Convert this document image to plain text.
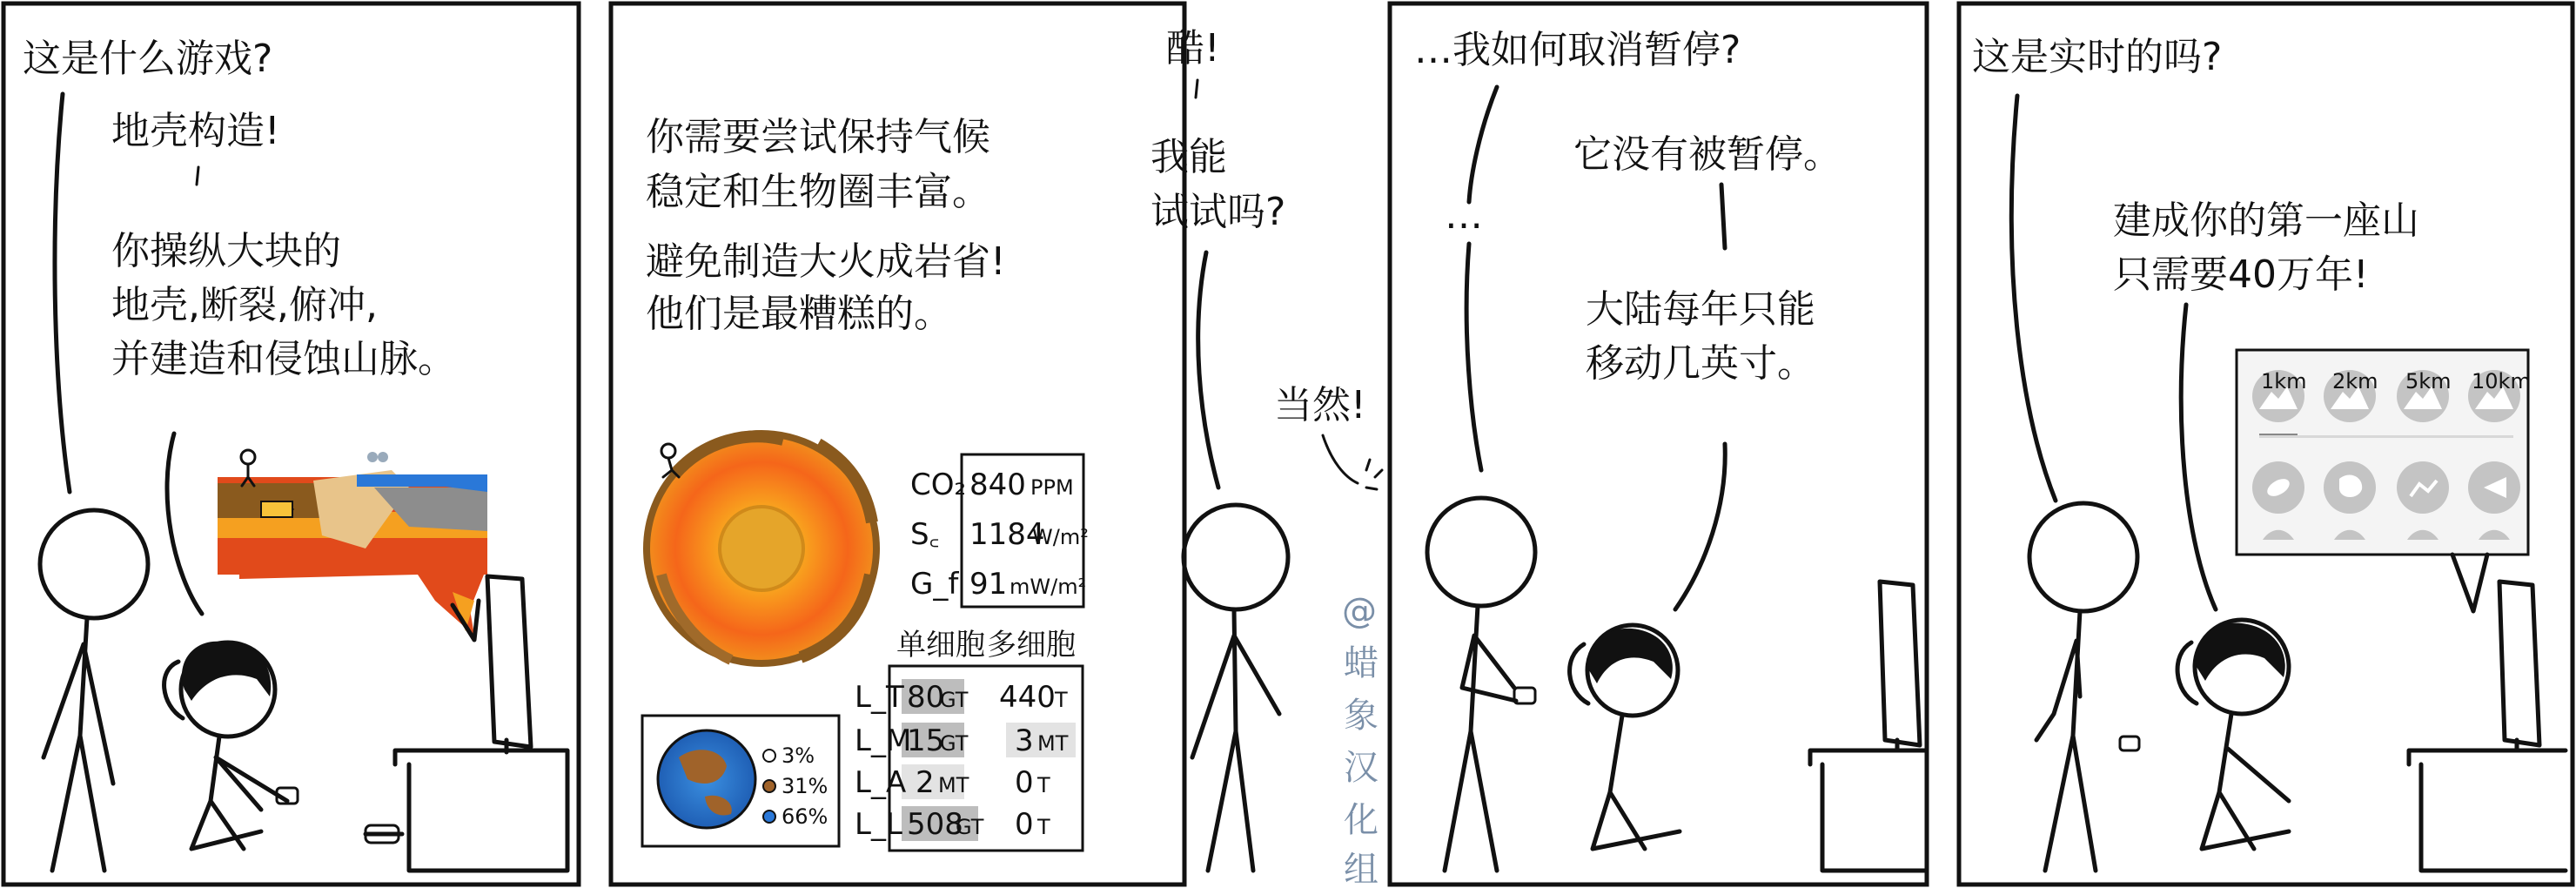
这是什么游戏?
地壳构造!
你操纵大块的
地壳,断裂,俯冲,
并建造和侵蚀山脉。
你需要尝试保持气候
稳定和生物圈丰富。
避免制造大火成岩省!
他们是最糟糕的。
CO₂ 840 PPM
S꜀ 1184
W/m²
G_f 91 mW/m²
单细胞 多细胞
L_T
L_M
L_A
L_L
80
GT
15
GT
2 MT
508
GT
440 T
3 MT
0 T
0 T
3%
31%
66%
酷!
我能
试试吗?
当然!
@
蜡
象
汉
化
组
…我如何取消暂停?
…
它没有被暂停。
大陆每年只能
移动几英寸。
这是实时的吗?
建成你的第一座山
只需要40万年!
1km 2km 5km 10km
